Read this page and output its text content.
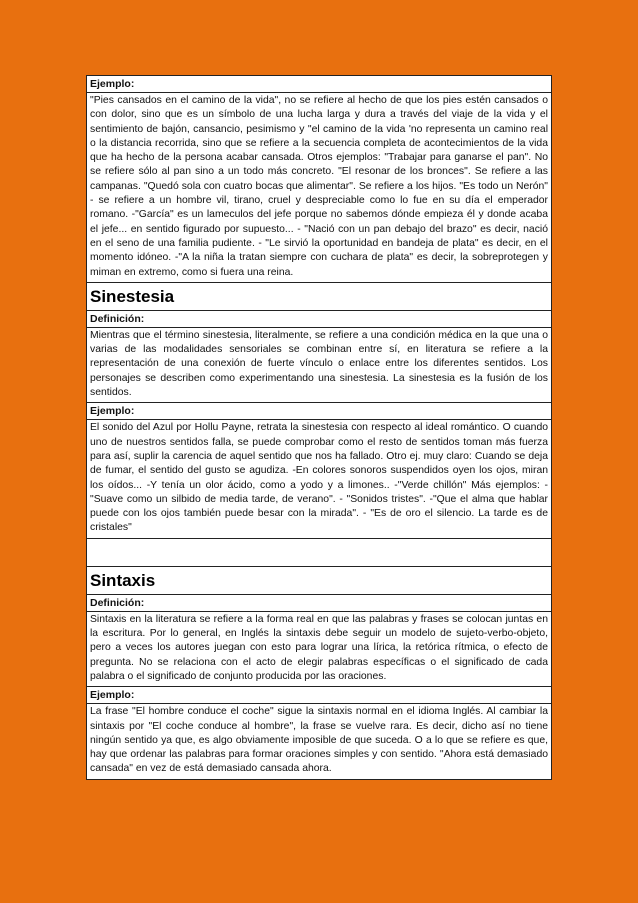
Ejemplo:
"Pies cansados en el camino de la vida", no se refiere al hecho de que los pies estén cansados o con dolor, sino que es un símbolo de una lucha larga y dura a través del viaje de la vida y el sentimiento de bajón, cansancio, pesimismo y "el camino de la vida 'no representa un camino real o la distancia recorrida, sino que se refiere a la secuencia completa de acontecimientos de la vida que ha hecho de la persona acabar cansada. Otros ejemplos: "Trabajar para ganarse el pan". No se refiere sólo al pan sino a un todo más concreto. "El resonar de los bronces". Se refiere a las campanas. "Quedó sola con cuatro bocas que alimentar". Se refiere a los hijos. "Es todo un Nerón" - se refiere a un hombre vil, tirano, cruel y despreciable como lo fue en su día el emperador romano. -"García" es un lameculos del jefe porque no sabemos dónde empieza él y donde acaba el jefe... en sentido figurado por supuesto... - "Nació con un pan debajo del brazo" es decir, nació en el seno de una familia pudiente. - "Le sirvió la oportunidad en bandeja de plata" es decir, en el momento idóneo. -"A la niña la tratan siempre con cuchara de plata" es decir, la sobreprotegen y miman en extremo, como si fuera una reina.
Sinestesia
Definición:
Mientras que el término sinestesia, literalmente, se refiere a una condición médica en la que una o varias de las modalidades sensoriales se combinan entre sí, en literatura se refiere a la representación de una conexión de fuerte vínculo o enlace entre los diferentes sentidos. Los personajes se describen como experimentando una sinestesia. La sinestesia es la fusión de los sentidos.
Ejemplo:
El sonido del Azul por Hollu Payne, retrata la sinestesia con respecto al ideal romántico. O cuando uno de nuestros sentidos falla, se puede comprobar como el resto de sentidos toman más fuerza para así, suplir la carencia de aquel sentido que nos ha fallado. Otro ej. muy claro: Cuando se deja de fumar, el sentido del gusto se agudiza. -En colores sonoros suspendidos oyen los ojos, miran los oídos... -Y tenía un olor ácido, como a yodo y a limones.. -"Verde chillón" Más ejemplos: - "Suave como un silbido de media tarde, de verano". - "Sonidos tristes". -"Que el alma que hablar puede con los ojos también puede besar con la mirada". - "Es de oro el silencio. La tarde es de cristales"
Sintaxis
Definición:
Sintaxis en la literatura se refiere a la forma real en que las palabras y frases se colocan juntas en la escritura. Por lo general, en Inglés la sintaxis debe seguir un modelo de sujeto-verbo-objeto, pero a veces los autores juegan con esto para lograr una lírica, la retórica rítmica, o efecto de pregunta. No se relaciona con el acto de elegir palabras específicas o el significado de cada palabra o el significado de conjunto producida por las oraciones.
Ejemplo:
La frase "El hombre conduce el coche" sigue la sintaxis normal en el idioma Inglés. Al cambiar la sintaxis por "El coche conduce al hombre", la frase se vuelve rara. Es decir, dicho así no tiene ningún sentido ya que, es algo obviamente imposible de que suceda. O a lo que se refiere es que, hay que ordenar las palabras para formar oraciones simples y con sentido. "Ahora está demasiado cansada" en vez de está demasiado cansada ahora.
